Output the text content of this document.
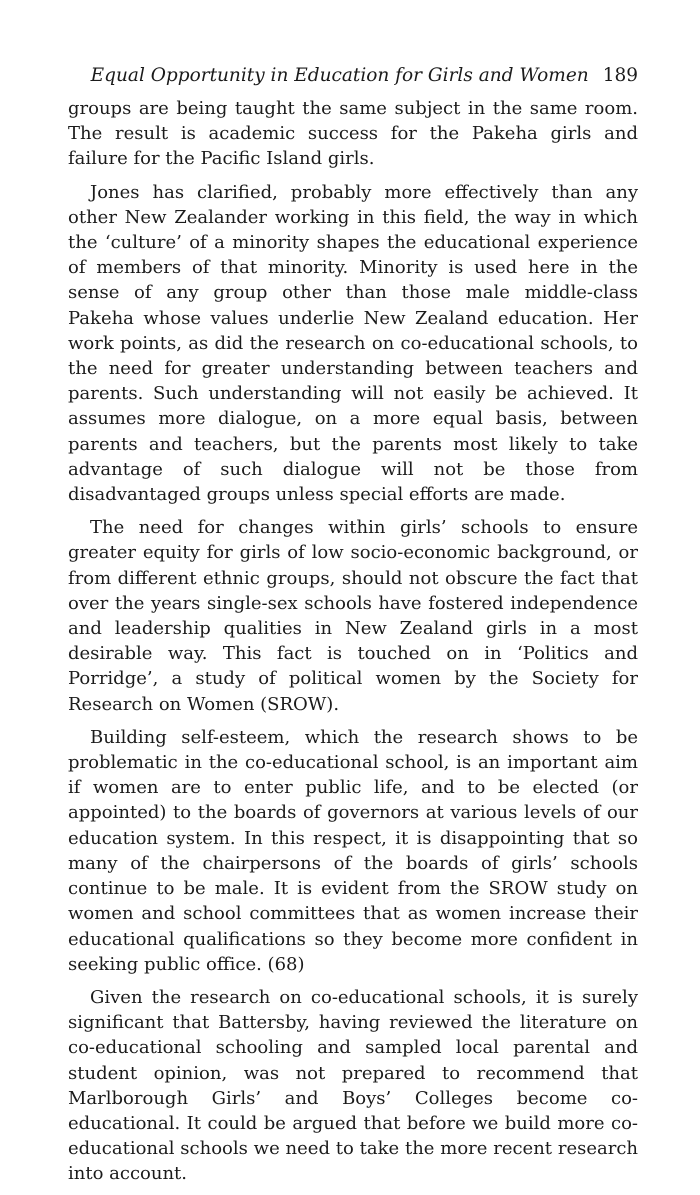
Equal Opportunity in Education for Girls and Women 189

groups are being taught the same subject in the same room. The result is academic success for the Pakeha girls and failure for the Pacific Island girls.

Jones has clarified, probably more effectively than any other New Zealander working in this field, the way in which the ‘culture’ of a minority shapes the educational experience of members of that minority. Minority is used here in the sense of any group other than those male middle-class Pakeha whose values underlie New Zealand education. Her work points, as did the research on co-educational schools, to the need for greater understanding between teachers and parents. Such understanding will not easily be achieved. It assumes more dialogue, on a more equal basis, between parents and teachers, but the parents most likely to take advantage of such dialogue will not be those from disadvantaged groups unless special efforts are made.

The need for changes within girls’ schools to ensure greater equity for girls of low socio-economic background, or from different ethnic groups, should not obscure the fact that over the years single-sex schools have fostered independence and leadership qualities in New Zealand girls in a most desirable way. This fact is touched on in ‘Politics and Porridge’, a study of political women by the Society for Research on Women (SROW).

Building self-esteem, which the research shows to be problematic in the co-educational school, is an important aim if women are to enter public life, and to be elected (or appointed) to the boards of governors at various levels of our education system. In this respect, it is disappointing that so many of the chairpersons of the boards of girls’ schools continue to be male. It is evident from the SROW study on women and school committees that as women increase their educational qualifications so they become more confident in seeking public office. (68)

Given the research on co-educational schools, it is surely significant that Battersby, having reviewed the literature on co-educational schooling and sampled local parental and student opinion, was not prepared to recommend that Marlborough Girls’ and Boys’ Colleges become co-educational. It could be argued that before we build more co-educational schools we need to take the more recent research into account.
